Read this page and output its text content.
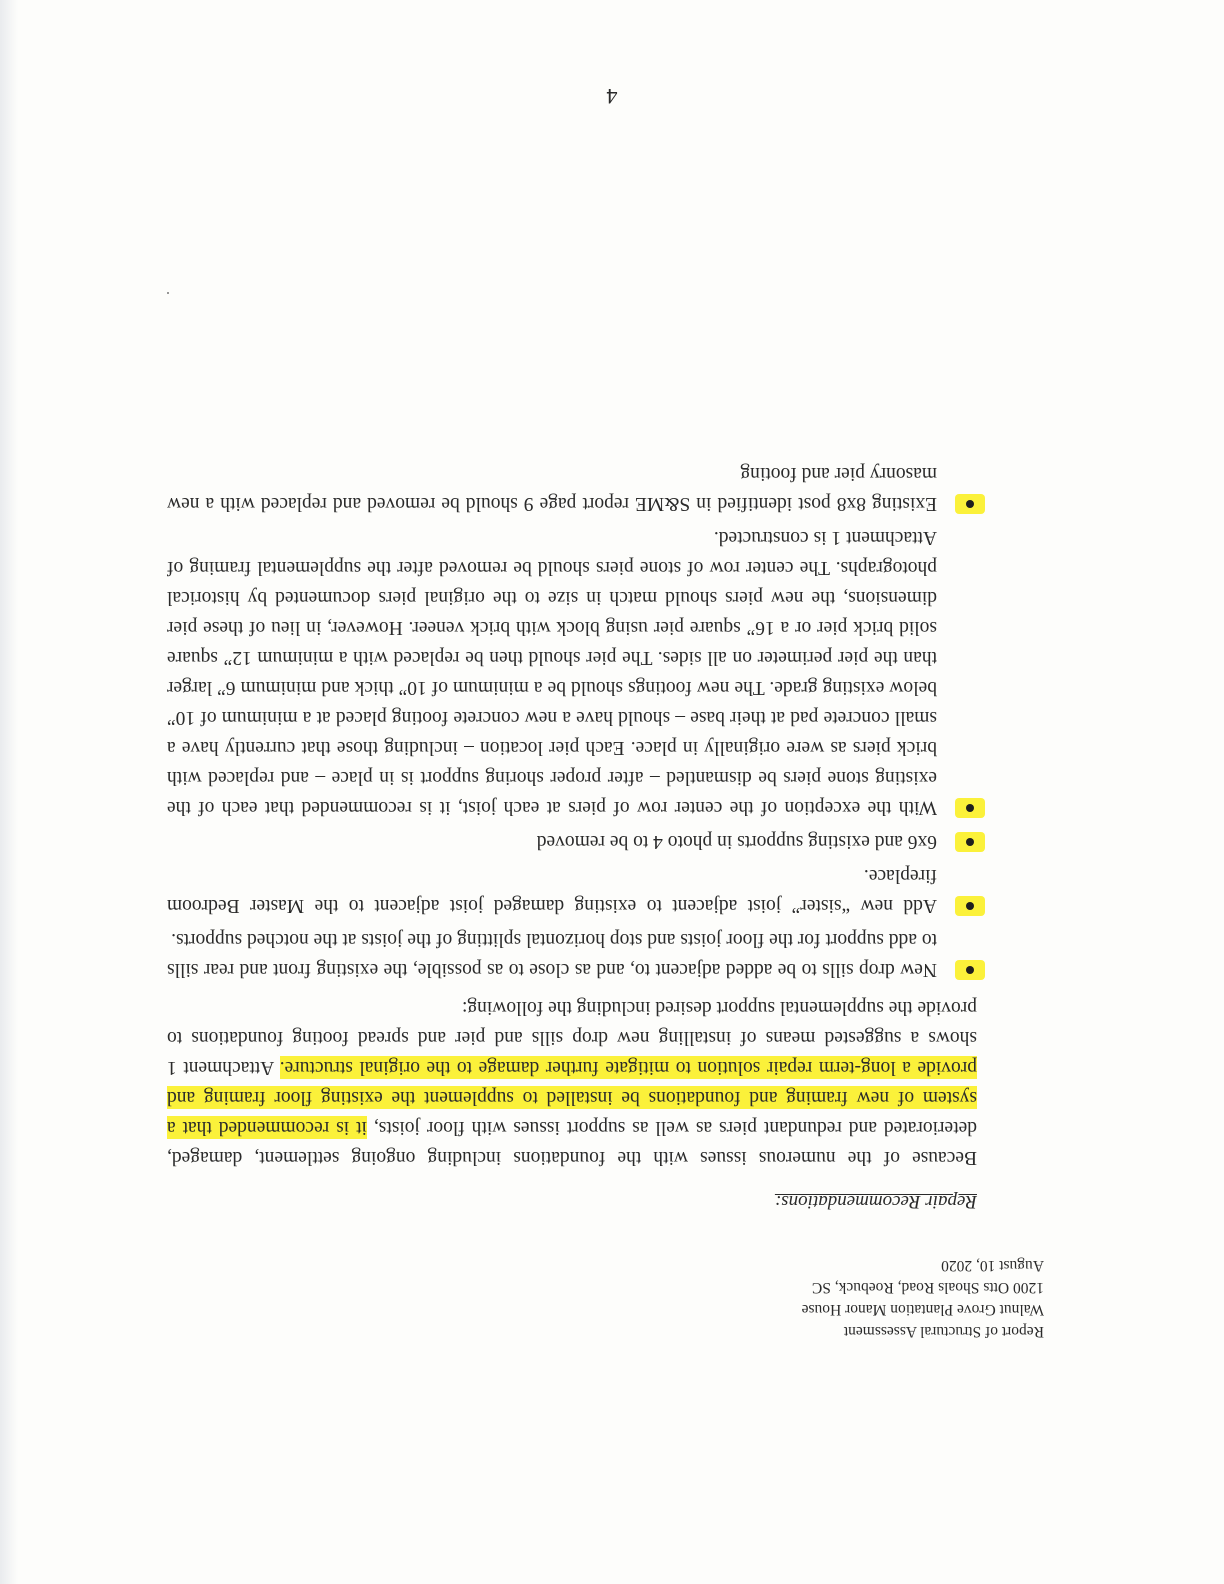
Report of Structural Assessment
Walnut Grove Plantation Manor House
1200 Otts Shoals Road, Roebuck, SC
August 10, 2020
Repair Recommendations:

Because of the numerous issues with the foundations including ongoing settlement, damaged, deteriorated and redundant piers as well as support issues with floor joists, it is recommended that a system of new framing and foundations be installed to supplement the existing floor framing and provide a long-term repair solution to mitigate further damage to the original structure. Attachment 1 shows a suggested means of installing new drop sills and pier and spread footing foundations to provide the supplemental support desired including the following:

New drop sills to be added adjacent to, and as close to as possible, the existing front and rear sills to add support for the floor joists and stop horizontal splitting of the joists at the notched supports.
Add new “sister” joist adjacent to existing damaged joist adjacent to the Master Bedroom fireplace.
6x6 and existing supports in photo 4 to be removed
With the exception of the center row of piers at each joist, it is recommended that each of the existing stone piers be dismantled – after proper shoring support is in place – and replaced with brick piers as were originally in place. Each pier location – including those that currently have a small concrete pad at their base – should have a new concrete footing placed at a minimum of 10” below existing grade. The new footings should be a minimum of 10” thick and minimum 6” larger than the pier perimeter on all sides. The pier should then be replaced with a minimum 12” square solid brick pier or a 16” square pier using block with brick veneer. However, in lieu of these pier dimensions, the new piers should match in size to the original piers documented by historical photographs. The center row of stone piers should be removed after the supplemental framing of Attachment 1 is constructed.
Existing 8x8 post identified in S&ME report page 9 should be removed and replaced with a new masonry pier and footing
4
